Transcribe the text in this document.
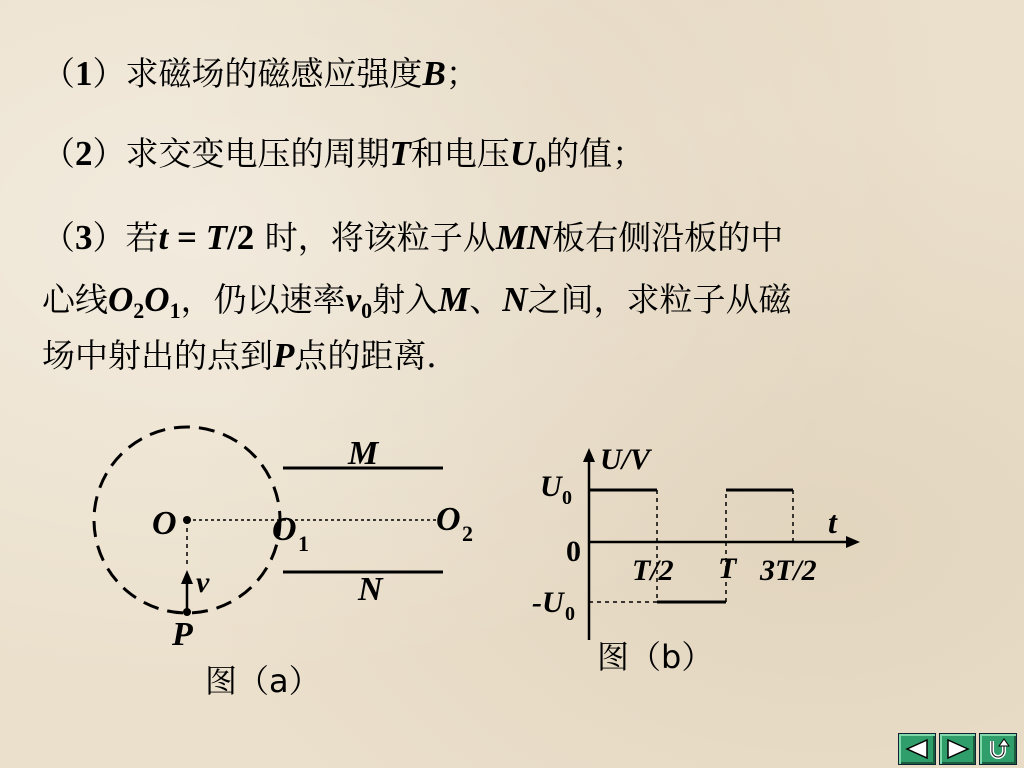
（1）求磁场的磁感应强度B；
（2）求交变电压的周期T和电压$U_0$的值；
（3）若t = T/2 时，将该粒子从MN板右侧沿板的中
心线$O_2O_1$，仍以速率$v_0$射入M、N之间，求粒子从磁
场中射出的点到P点的距离．
M
N
O	O 1
O 2
v
P
图（a）
U/V
t
U 0
-U 0
0
T/2 T 3T/2
图（b）
